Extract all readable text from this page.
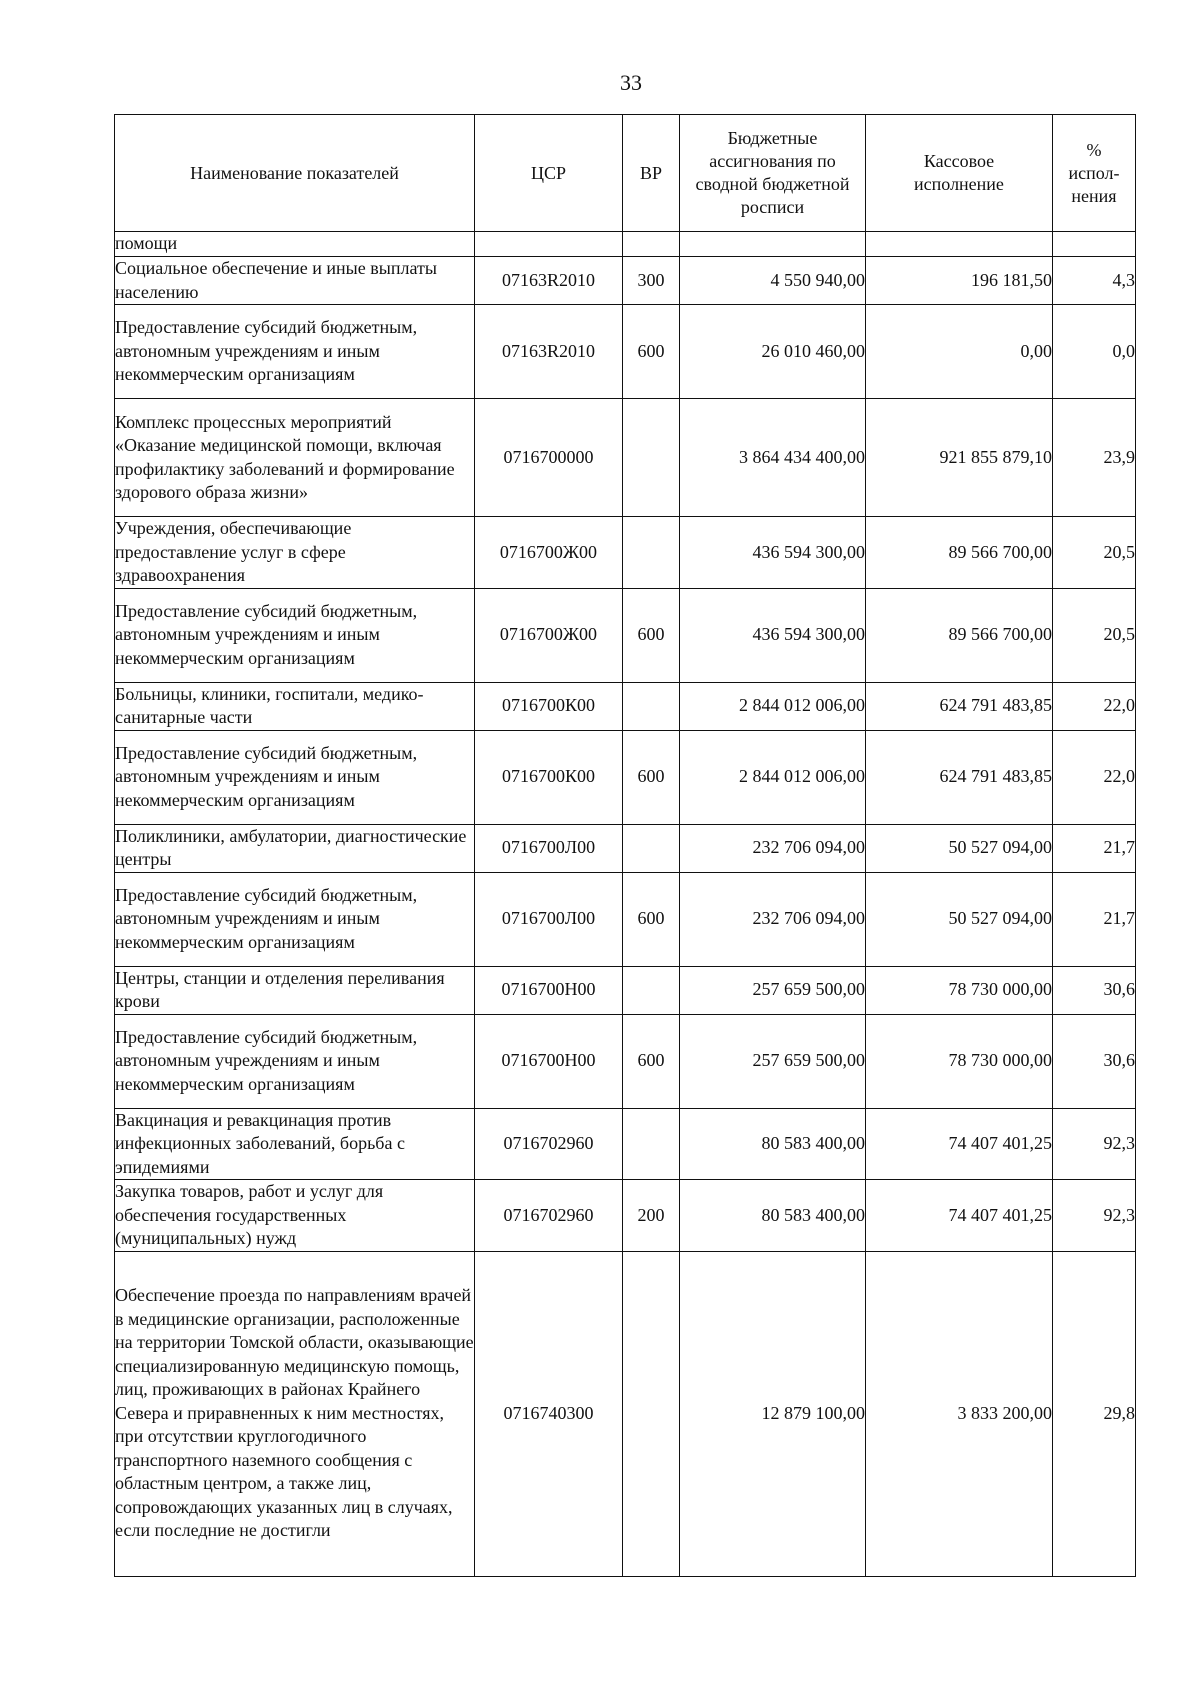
33
Наименование показателей	ЦСР	ВР	Бюджетные ассигнования по сводной бюджетной росписи	Кассовое исполнение	% испол-нения
помощи					
Социальное обеспечение и иные выплаты населению	07163R2010	300	4 550 940,00	196 181,50	4,3
Предоставление субсидий бюджетным, автономным учреждениям и иным некоммерческим организациям	07163R2010	600	26 010 460,00	0,00	0,0
Комплекс процессных мероприятий «Оказание медицинской помощи, включая профилактику заболеваний и формирование здорового образа жизни»	0716700000		3 864 434 400,00	921 855 879,10	23,9
Учреждения, обеспечивающие предоставление услуг в сфере здравоохранения	0716700Ж00		436 594 300,00	89 566 700,00	20,5
Предоставление субсидий бюджетным, автономным учреждениям и иным некоммерческим организациям	0716700Ж00	600	436 594 300,00	89 566 700,00	20,5
Больницы, клиники, госпитали, медико-санитарные части	0716700К00		2 844 012 006,00	624 791 483,85	22,0
Предоставление субсидий бюджетным, автономным учреждениям и иным некоммерческим организациям	0716700К00	600	2 844 012 006,00	624 791 483,85	22,0
Поликлиники, амбулатории, диагностические центры	0716700Л00		232 706 094,00	50 527 094,00	21,7
Предоставление субсидий бюджетным, автономным учреждениям и иным некоммерческим организациям	0716700Л00	600	232 706 094,00	50 527 094,00	21,7
Центры, станции и отделения переливания крови	0716700Н00		257 659 500,00	78 730 000,00	30,6
Предоставление субсидий бюджетным, автономным учреждениям и иным некоммерческим организациям	0716700Н00	600	257 659 500,00	78 730 000,00	30,6
Вакцинация и ревакцинация против инфекционных заболеваний, борьба с эпидемиями	0716702960		80 583 400,00	74 407 401,25	92,3
Закупка товаров, работ и услуг для обеспечения государственных (муниципальных) нужд	0716702960	200	80 583 400,00	74 407 401,25	92,3
Обеспечение проезда по направлениям врачей в медицинские организации, расположенные на территории Томской области, оказывающие специализированную медицинскую помощь, лиц, проживающих в районах Крайнего Севера и приравненных к ним местностях, при отсутствии круглогодичного транспортного наземного сообщения с областным центром, а также лиц, сопровождающих указанных лиц в случаях, если последние не достигли	0716740300		12 879 100,00	3 833 200,00	29,8
